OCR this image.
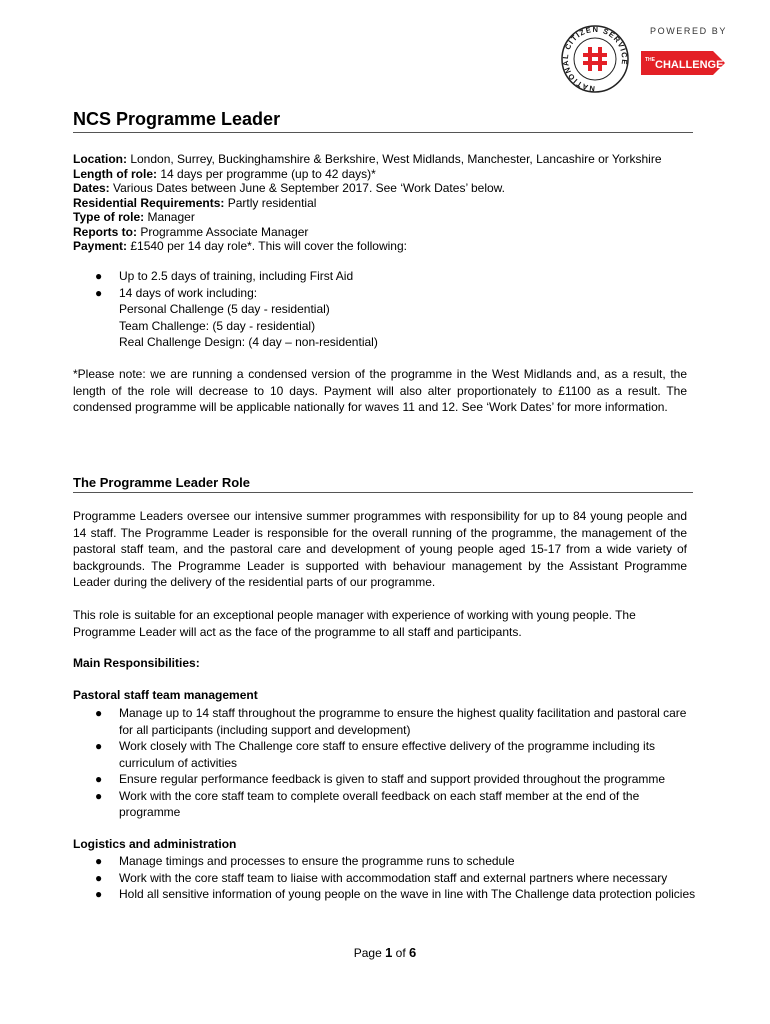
NATIONAL CITIZEN SERVICE
POWERED BY
THE CHALLENGE
NCS Programme Leader
Location: London, Surrey, Buckinghamshire & Berkshire, West Midlands, Manchester, Lancashire or Yorkshire
Length of role: 14 days per programme (up to 42 days)*
Dates: Various Dates between June & September 2017. See ‘Work Dates’ below.
Residential Requirements: Partly residential
Type of role: Manager
Reports to: Programme Associate Manager
Payment: £1540 per 14 day role*. This will cover the following:
● Up to 2.5 days of training, including First Aid
● 14 days of work including:
Personal Challenge (5 day - residential)
Team Challenge: (5 day - residential)
Real Challenge Design: (4 day – non-residential)
*Please note: we are running a condensed version of the programme in the West Midlands and, as a result, the length of the role will decrease to 10 days. Payment will also alter proportionately to £1100 as a result. The condensed programme will be applicable nationally for waves 11 and 12. See ‘Work Dates’ for more information.
The Programme Leader Role
Programme Leaders oversee our intensive summer programmes with responsibility for up to 84 young people and 14 staff. The Programme Leader is responsible for the overall running of the programme, the management of the pastoral staff team, and the pastoral care and development of young people aged 15-17 from a wide variety of backgrounds. The Programme Leader is supported with behaviour management by the Assistant Programme Leader during the delivery of the residential parts of our programme.
This role is suitable for an exceptional people manager with experience of working with young people. The Programme Leader will act as the face of the programme to all staff and participants.
Main Responsibilities:
Pastoral staff team management
● Manage up to 14 staff throughout the programme to ensure the highest quality facilitation and pastoral care for all participants (including support and development)
● Work closely with The Challenge core staff to ensure effective delivery of the programme including its curriculum of activities
● Ensure regular performance feedback is given to staff and support provided throughout the programme
● Work with the core staff team to complete overall feedback on each staff member at the end of the programme
Logistics and administration
● Manage timings and processes to ensure the programme runs to schedule
● Work with the core staff team to liaise with accommodation staff and external partners where necessary
● Hold all sensitive information of young people on the wave in line with The Challenge data protection policies
Page 1 of 6
